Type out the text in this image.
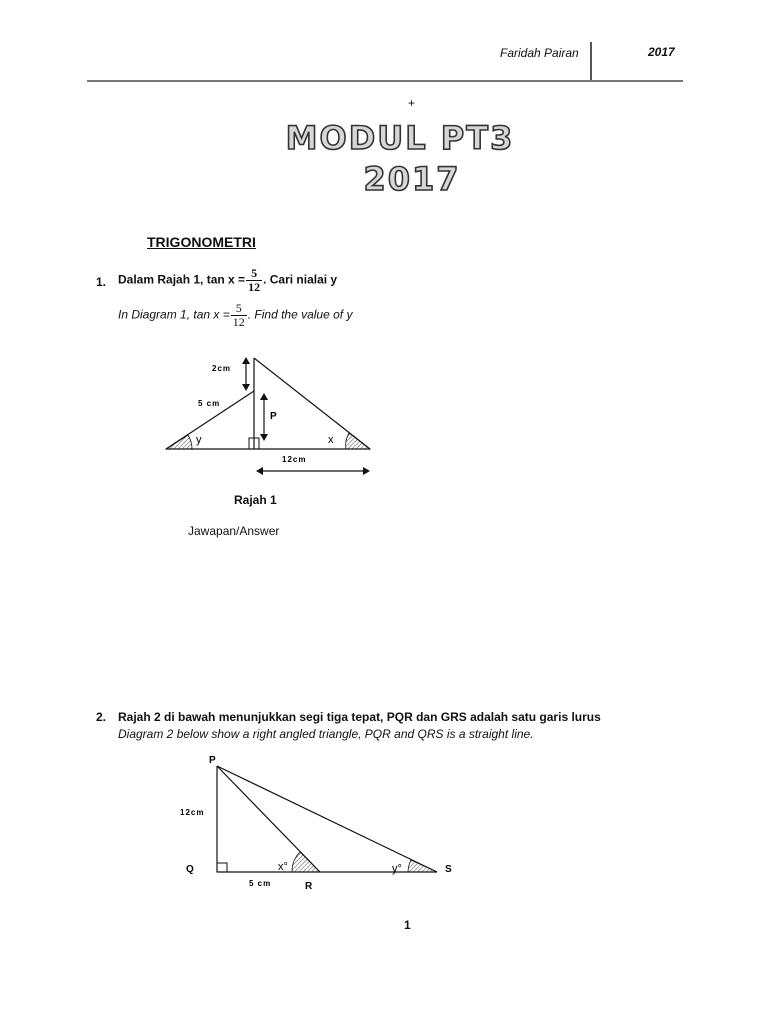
Faridah Pairan	2017
+
MODUL PT3
2017
TRIGONOMETRI
1. Dalam Rajah 1, $\tan x = \frac{5}{12}$ . Cari nialai y
In Diagram 1, $\tan x = \frac{5}{12}$ . Find the value of y
2cm
5 cm
P
y	x
12cm
Rajah 1
Jawapan/Answer
2. Rajah 2 di bawah menunjukkan segi tiga tepat, PQR dan GRS adalah satu garis lurus
Diagram 2 below show a right angled triangle, PQR and QRS is a straight line.
P
12cm
Q	x°	y°	S
5 cm	R
1
